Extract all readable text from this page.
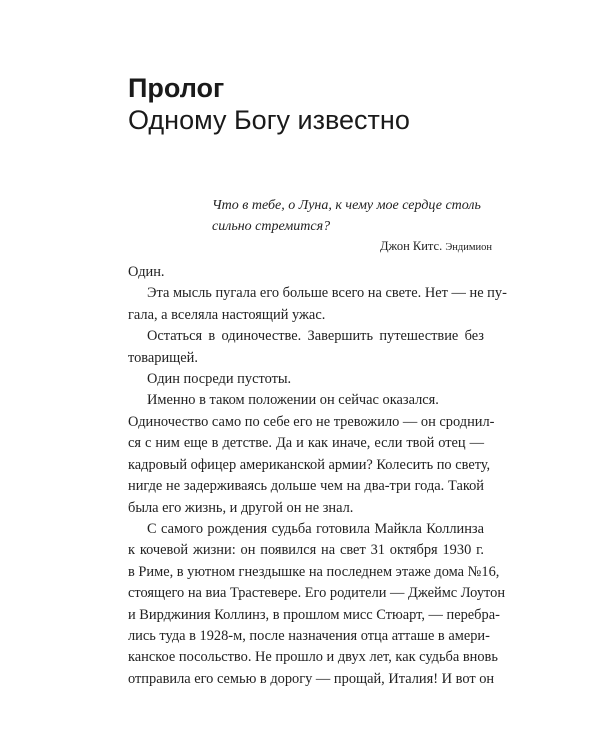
Пролог
Одному Богу известно
Что в тебе, о Луна, к чему мое сердце столь
сильно стремится?
Джон Китс. Эндимион
Один.
Эта мысль пугала его больше всего на свете. Нет — не пу-
гала, а вселяла настоящий ужас.
Остаться в одиночестве. Завершить путешествие без
товарищей.
Один посреди пустоты.
Именно в таком положении он сейчас оказался.
Одиночество само по себе его не тревожило — он сроднил-
ся с ним еще в детстве. Да и как иначе, если твой отец —
кадровый офицер американской армии? Колесить по свету,
нигде не задерживаясь дольше чем на два-три года. Такой
была его жизнь, и другой он не знал.
С самого рождения судьба готовила Майкла Коллинза
к кочевой жизни: он появился на свет 31 октября 1930 г.
в Риме, в уютном гнездышке на последнем этаже дома №16,
стоящего на виа Трастевере. Его родители — Джеймс Лоутон
и Вирджиния Коллинз, в прошлом мисс Стюарт, — перебра-
лись туда в 1928-м, после назначения отца атташе в амери-
канское посольство. Не прошло и двух лет, как судьба вновь
отправила его семью в дорогу — прощай, Италия! И вот он
